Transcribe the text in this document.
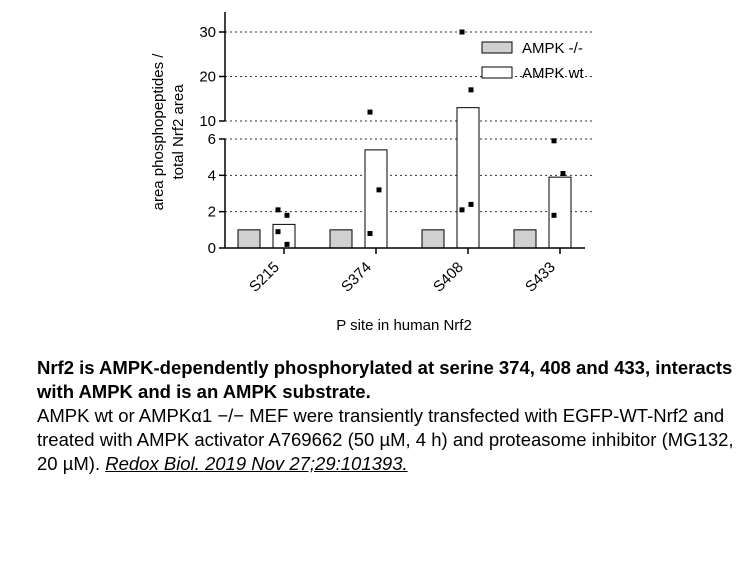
0
2
4
6
10
20
30
S215	S374	S408	S433
AMPK -/-
AMPK wt
area phosphopeptides / total Nrf2 area
P site in human Nrf2
Nrf2 is AMPK-dependently phosphorylated at serine 374, 408 and 433, interacts with AMPK and is an AMPK substrate.
AMPK wt or AMPKα1 −/− MEF were transiently transfected with EGFP-WT-Nrf2 and treated with AMPK activator A769662 (50 µM, 4 h) and proteasome inhibitor (MG132, 20 µM). Redox Biol. 2019 Nov 27;29:101393.
